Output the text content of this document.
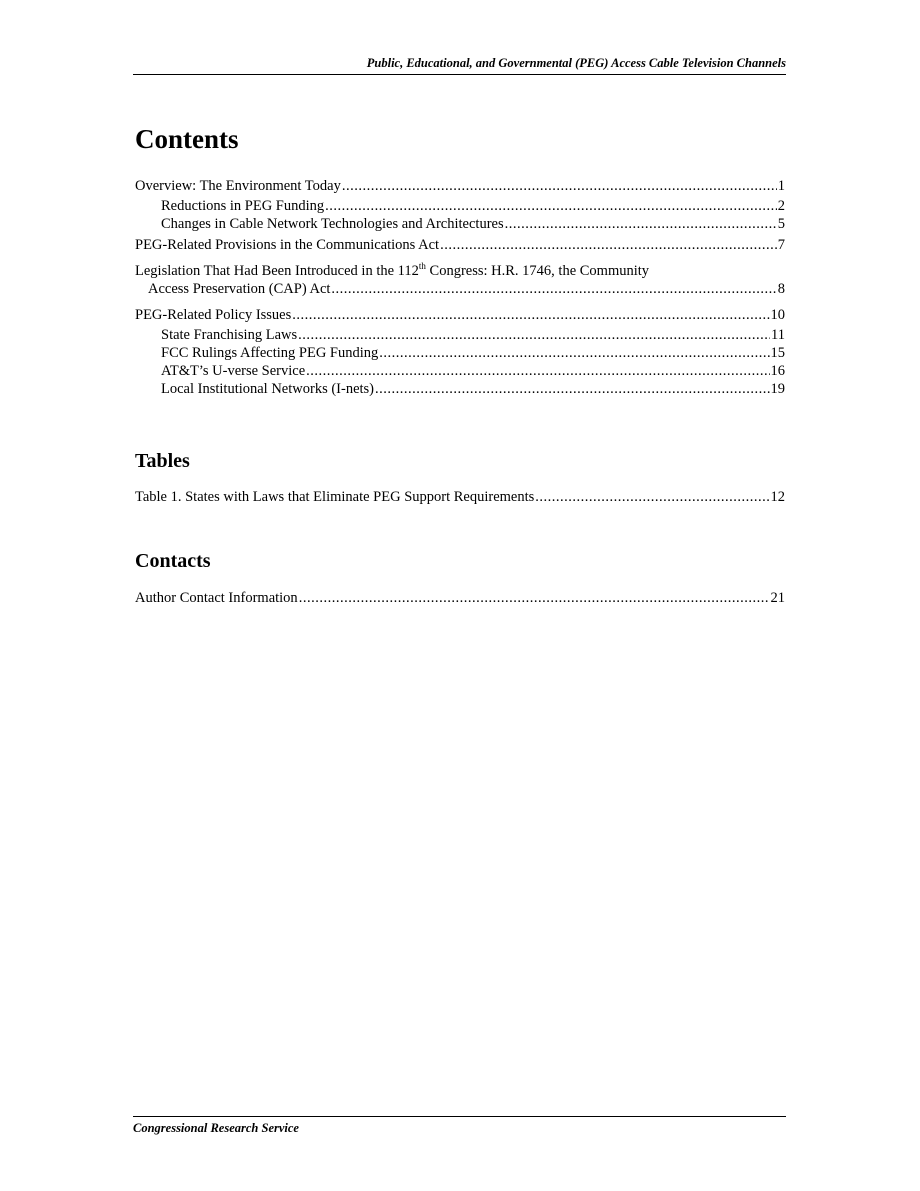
Public, Educational, and Governmental (PEG) Access Cable Television Channels
Contents
Overview: The Environment Today .....	1
Reductions in PEG Funding .....	2
Changes in Cable Network Technologies and Architectures .....	5
PEG-Related Provisions in the Communications Act .....	7
Legislation That Had Been Introduced in the 112th Congress: H.R. 1746, the Community
Access Preservation (CAP) Act .....	8
PEG-Related Policy Issues .....	10
State Franchising Laws .....	11
FCC Rulings Affecting PEG Funding .....	15
AT&T’s U-verse Service .....	16
Local Institutional Networks (I-nets) .....	19
Tables
Table 1. States with Laws that Eliminate PEG Support Requirements .....	12
Contacts
Author Contact Information .....	21
Congressional Research Service
